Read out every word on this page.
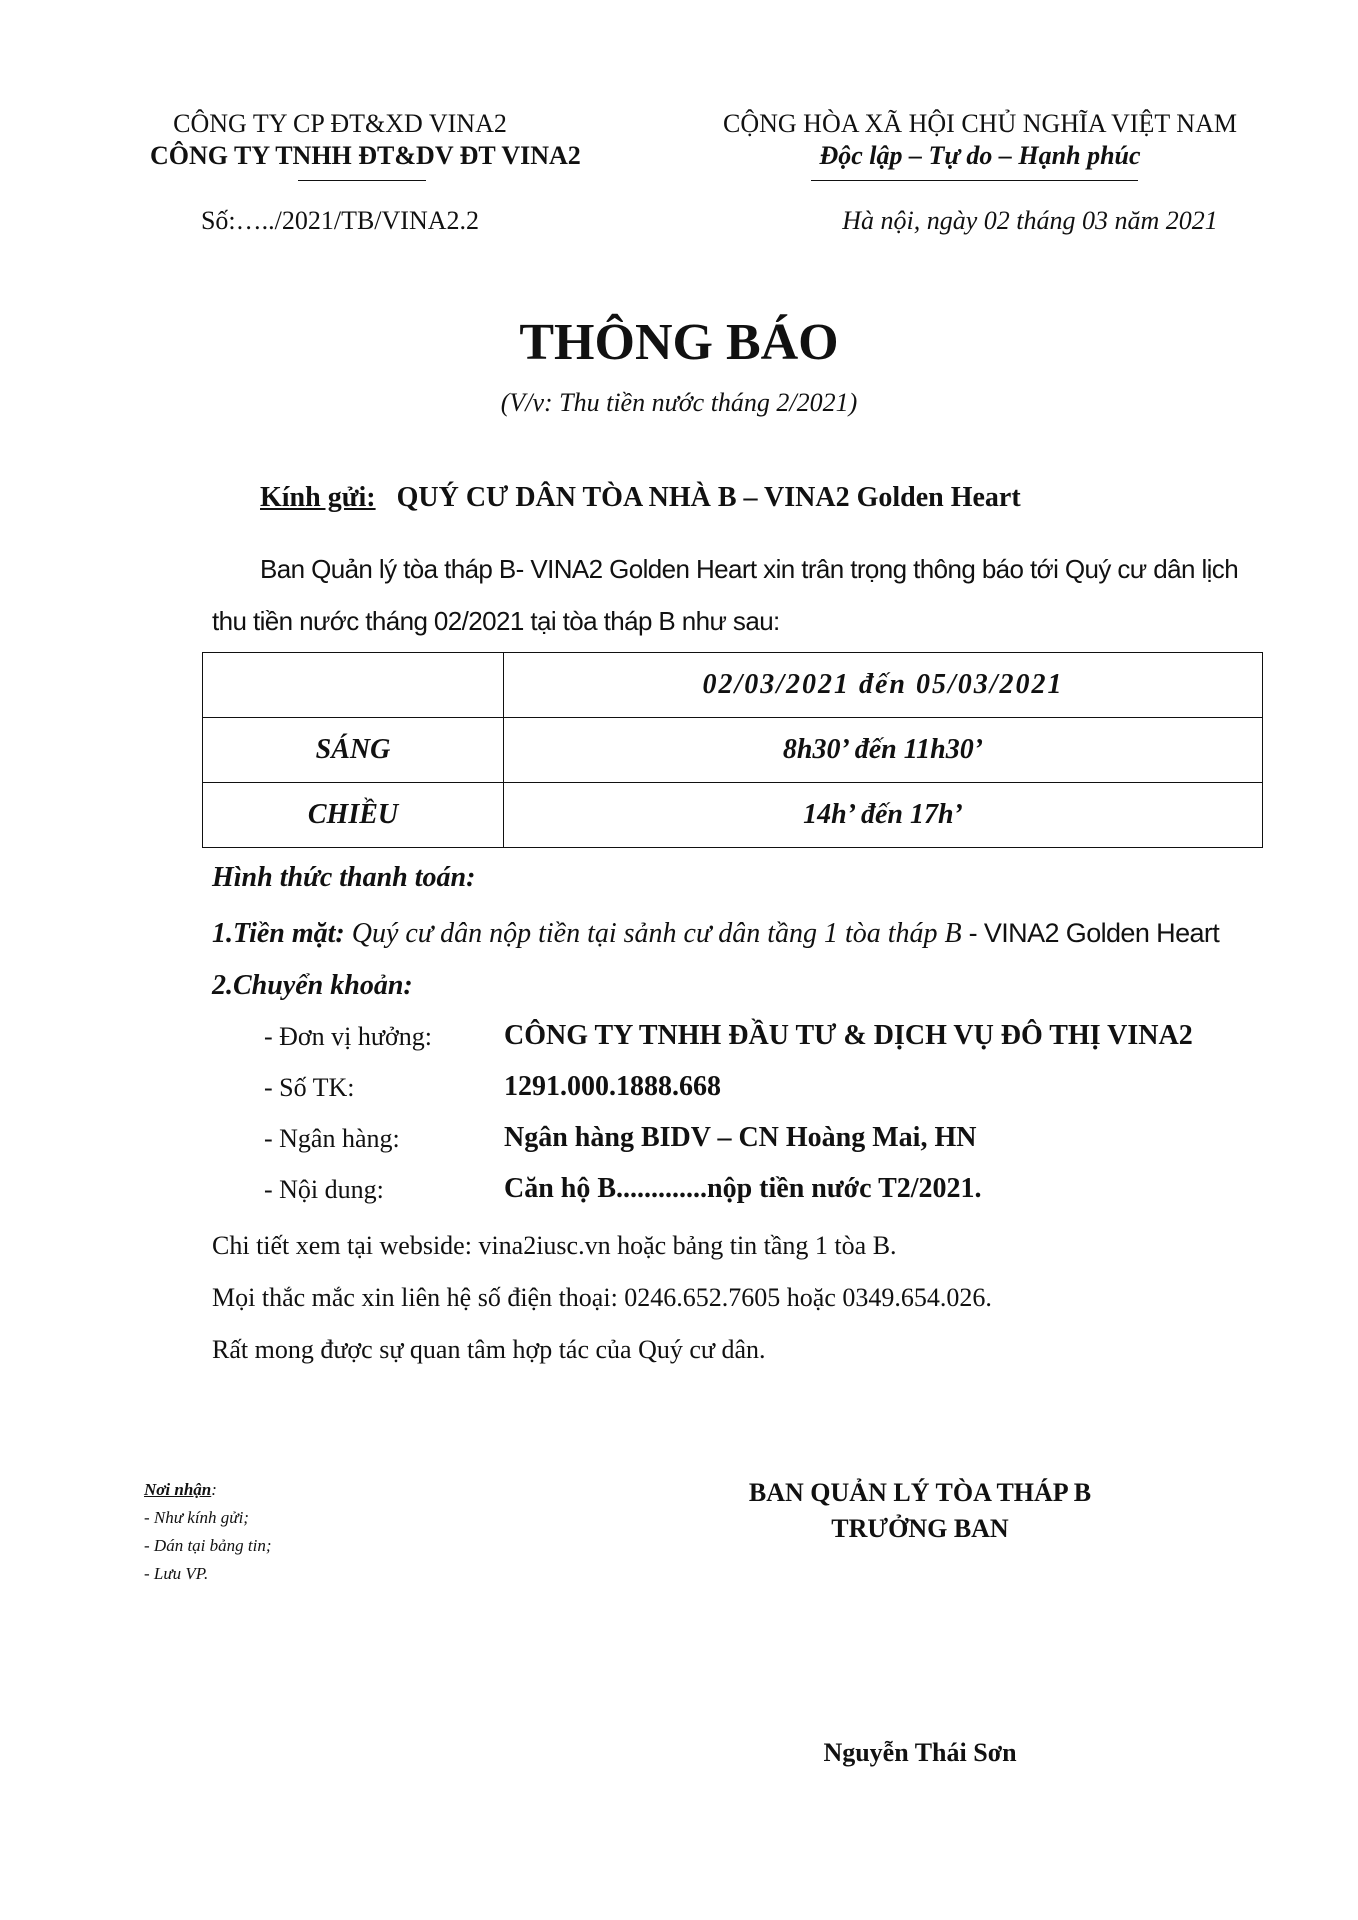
CÔNG TY CP ĐT&XD VINA2
CÔNG TY TNHH ĐT&DV ĐT VINA2
Số:…../2021/TB/VINA2.2
CỘNG HÒA XÃ HỘI CHỦ NGHĨA VIỆT NAM
Độc lập – Tự do – Hạnh phúc
Hà nội, ngày 02 tháng 03 năm 2021
THÔNG BÁO
(V/v: Thu tiền nước tháng 2/2021)
Kính gửi: QUÝ CƯ DÂN TÒA NHÀ B – VINA2 Golden Heart
Ban Quản lý tòa tháp B- VINA2 Golden Heart xin trân trọng thông báo tới Quý cư dân lịch
thu tiền nước tháng 02/2021 tại tòa tháp B như sau:
	02/03/2021 đến 05/03/2021
SÁNG	8h30’ đến 11h30’
CHIỀU	14h’ đến 17h’
Hình thức thanh toán:
1.Tiền mặt: Quý cư dân nộp tiền tại sảnh cư dân tầng 1 tòa tháp B - VINA2 Golden Heart
2.Chuyển khoản:
- Đơn vị hưởng:	CÔNG TY TNHH ĐẦU TƯ & DỊCH VỤ ĐÔ THỊ VINA2
- Số TK:	1291.000.1888.668
- Ngân hàng:	Ngân hàng BIDV – CN Hoàng Mai, HN
- Nội dung:	Căn hộ B.............nộp tiền nước T2/2021.
Chi tiết xem tại webside: vina2iusc.vn hoặc bảng tin tầng 1 tòa B.
Mọi thắc mắc xin liên hệ số điện thoại: 0246.652.7605 hoặc 0349.654.026.
Rất mong được sự quan tâm hợp tác của Quý cư dân.
Nơi nhận:
- Như kính gửi;
- Dán tại bảng tin;
- Lưu VP.
BAN QUẢN LÝ TÒA THÁP B
TRƯỞNG BAN
Nguyễn Thái Sơn
